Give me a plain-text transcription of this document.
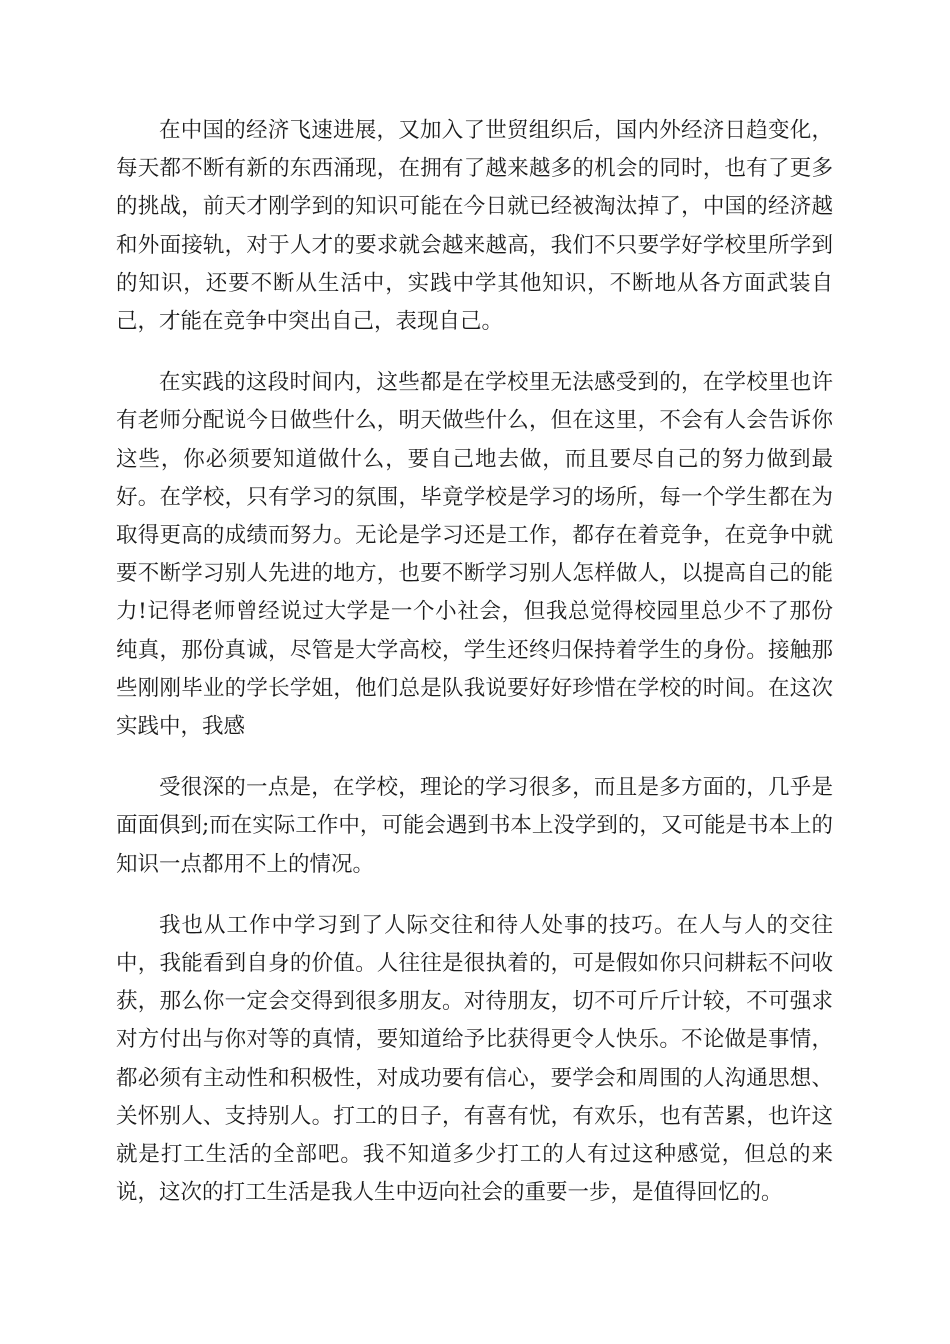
在中国的经济飞速进展，又加入了世贸组织后，国内外经济日趋变化，每天都不断有新的东西涌现，在拥有了越来越多的机会的同时，也有了更多的挑战，前天才刚学到的知识可能在今日就已经被淘汰掉了，中国的经济越和外面接轨，对于人才的要求就会越来越高，我们不只要学好学校里所学到的知识，还要不断从生活中，实践中学其他知识，不断地从各方面武装自己，才能在竞争中突出自己，表现自己。

在实践的这段时间内，这些都是在学校里无法感受到的，在学校里也许有老师分配说今日做些什么，明天做些什么，但在这里，不会有人会告诉你这些，你必须要知道做什么，要自己地去做，而且要尽自己的努力做到最好。在学校，只有学习的氛围，毕竟学校是学习的场所，每一个学生都在为取得更高的成绩而努力。无论是学习还是工作，都存在着竞争，在竞争中就要不断学习别人先进的地方，也要不断学习别人怎样做人，以提高自己的能力!记得老师曾经说过大学是一个小社会，但我总觉得校园里总少不了那份纯真，那份真诚，尽管是大学高校，学生还终归保持着学生的身份。接触那些刚刚毕业的学长学姐，他们总是队我说要好好珍惜在学校的时间。在这次实践中，我感

受很深的一点是，在学校，理论的学习很多，而且是多方面的，几乎是面面俱到;而在实际工作中，可能会遇到书本上没学到的，又可能是书本上的知识一点都用不上的情况。

我也从工作中学习到了人际交往和待人处事的技巧。在人与人的交往中，我能看到自身的价值。人往往是很执着的，可是假如你只问耕耘不问收获，那么你一定会交得到很多朋友。对待朋友，切不可斤斤计较，不可强求对方付出与你对等的真情，要知道给予比获得更令人快乐。不论做是事情，都必须有主动性和积极性，对成功要有信心，要学会和周围的人沟通思想、关怀别人、支持别人。打工的日子，有喜有忧，有欢乐，也有苦累，也许这就是打工生活的全部吧。我不知道多少打工的人有过这种感觉，但总的来说，这次的打工生活是我人生中迈向社会的重要一步，是值得回忆的。
